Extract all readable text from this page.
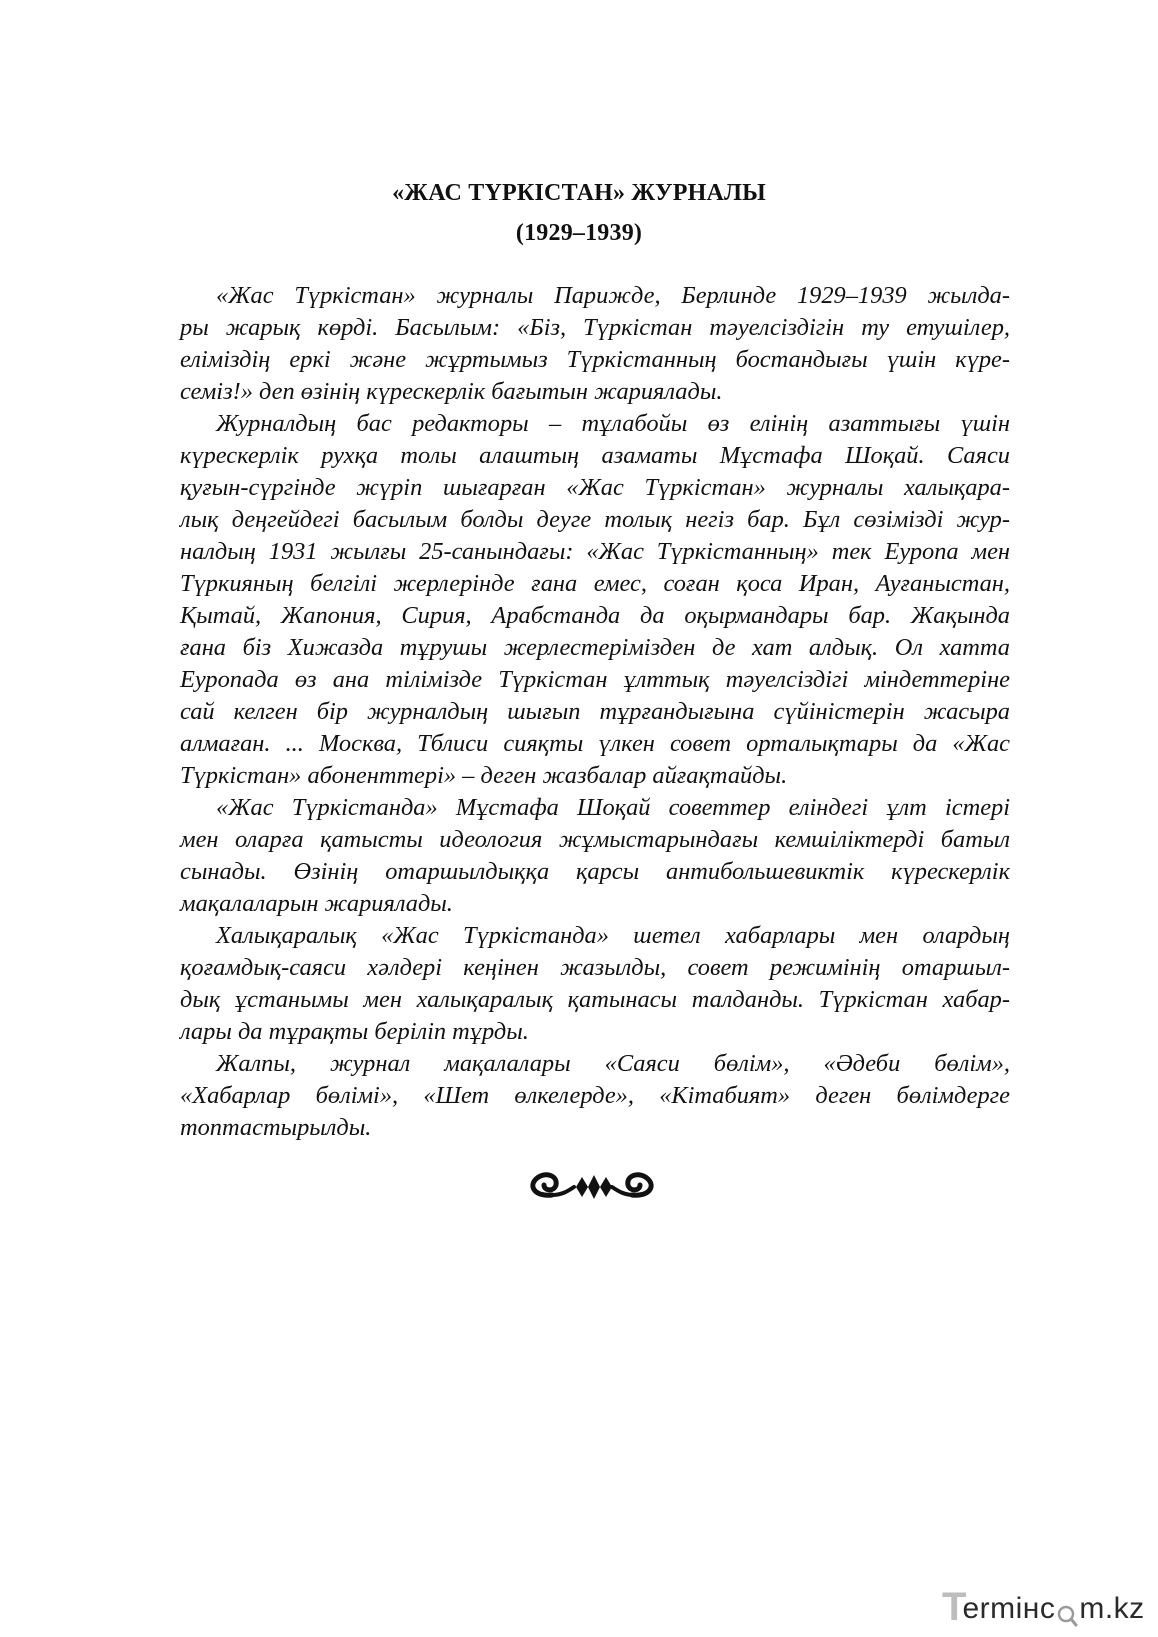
«ЖАС ТҮРКІСТАН» ЖУРНАЛЫ
(1929–1939)
«Жас Түркістан» журналы Парижде, Берлинде 1929–1939 жылда-
ры жарық көрді. Басылым: «Біз, Түркістан тәуелсіздігін ту етушілер,
еліміздің еркі және жұртымыз Түркістанның бостандығы үшін күре-
семіз!» деп өзінің күрескерлік бағытын жариялады.
Журналдың бас редакторы – тұлабойы өз елінің азаттығы үшін
күрескерлік рухқа толы алаштың азаматы Мұстафа Шоқай. Саяси
қуғын-сүргінде жүріп шығарған «Жас Түркістан» журналы халықара-
лық деңгейдегі басылым болды деуге толық негіз бар. Бұл сөзімізді жур-
налдың 1931 жылғы 25-санындағы: «Жас Түркістанның» тек Еуропа мен
Түркияның белгілі жерлерінде ғана емес, соған қоса Иран, Ауғаныстан,
Қытай, Жапония, Сирия, Арабстанда да оқырмандары бар. Жақында
ғана біз Хижазда тұрушы жерлестерімізден де хат алдық. Ол хатта
Еуропада өз ана тілімізде Түркістан ұлттық тәуелсіздігі міндеттеріне
сай келген бір журналдың шығып тұрғандығына сүйіністерін жасыра
алмаған. ... Москва, Тблиси сияқты үлкен совет орталықтары да «Жас
Түркістан» абоненттері» – деген жазбалар айғақтайды.
«Жас Түркістанда» Мұстафа Шоқай советтер еліндегі ұлт істері
мен оларға қатысты идеология жұмыстарындағы кемшіліктерді батыл
сынады. Өзінің отаршылдыққа қарсы антибольшевиктік күрескерлік
мақалаларын жариялады.
Халықаралық «Жас Түркістанда» шетел хабарлары мен олардың
қоғамдық-саяси хәлдері кеңінен жазылды, совет режимінің отаршыл-
дық ұстанымы мен халықаралық қатынасы талданды. Түркістан хабар-
лары да тұрақты беріліп тұрды.
Жалпы, журнал мақалалары «Саяси бөлім», «Әдеби бөлім»,
«Хабарлар бөлімі», «Шет өлкелерде», «Кітабият» деген бөлімдерге
топтастырылды.
T
ermінc m.kz
